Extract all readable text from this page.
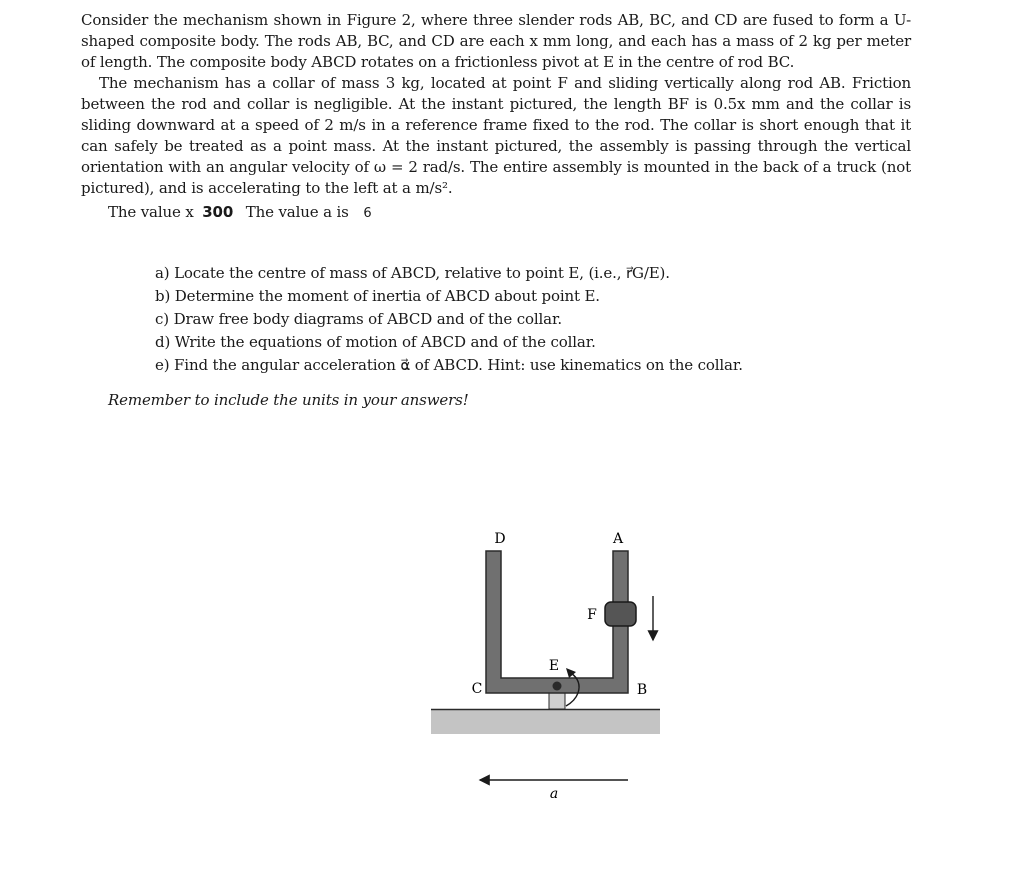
Consider the mechanism shown in Figure 2, where three slender rods AB, BC, and CD are fused to form a U-shaped composite body. The rods AB, BC, and CD are each x mm long, and each has a mass of 2 kg per meter of length. The composite body ABCD rotates on a frictionless pivot at E in the centre of rod BC.

The mechanism has a collar of mass 3 kg, located at point F and sliding vertically along rod AB. Friction between the rod and collar is negligible. At the instant pictured, the length BF is 0.5x mm and the collar is sliding downward at a speed of 2 m/s in a reference frame fixed to the rod. The collar is short enough that it can safely be treated as a point mass. At the instant pictured, the assembly is passing through the vertical orientation with an angular velocity of ω = 2 rad/s. The entire assembly is mounted in the back of a truck (not pictured), and is accelerating to the left at a m/s².

The value x 300 The value a is 6

a) Locate the centre of mass of ABCD, relative to point E, (i.e., r⃗G/E).
b) Determine the moment of inertia of ABCD about point E.
c) Draw free body diagrams of ABCD and of the collar.
d) Write the equations of motion of ABCD and of the collar.
e) Find the angular acceleration α⃗ of ABCD. Hint: use kinematics on the collar.
Remember to include the units in your answers!
D	A
F
E
C	B
a
